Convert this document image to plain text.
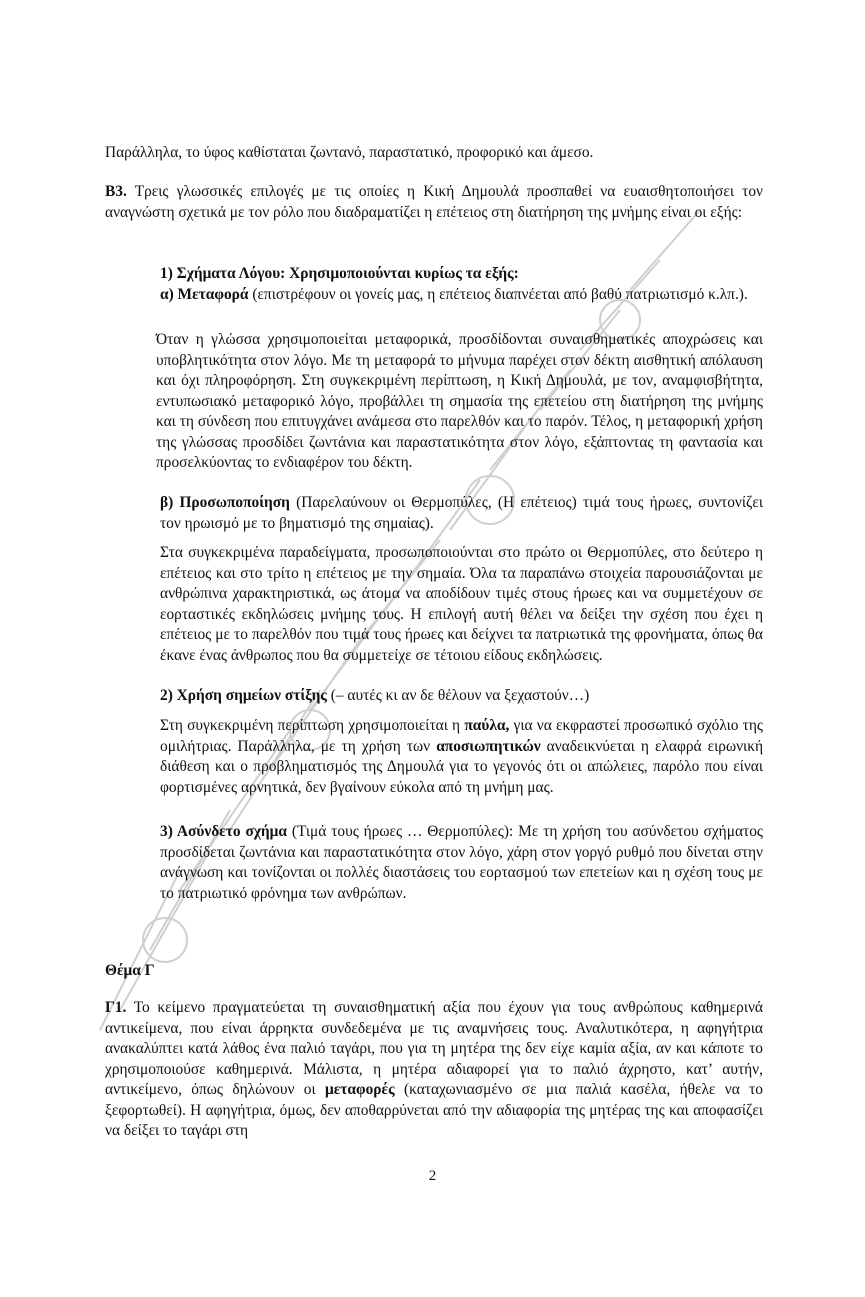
Παράλληλα, το ύφος καθίσταται ζωντανό, παραστατικό, προφορικό και άμεσο.

Β3. Τρεις γλωσσικές επιλογές με τις οποίες η Κική Δημουλά προσπαθεί να ευαισθητοποιήσει τον αναγνώστη σχετικά με τον ρόλο που διαδραματίζει η επέτειος στη διατήρηση της μνήμης είναι οι εξής:

1) Σχήματα Λόγου: Χρησιμοποιούνται κυρίως τα εξής:
α) Μεταφορά (επιστρέφουν οι γονείς μας, η επέτειος διαπνέεται από βαθύ πατριωτισμό κ.λπ.).

Όταν η γλώσσα χρησιμοποιείται μεταφορικά, προσδίδονται συναισθηματικές αποχρώσεις και υποβλητικότητα στον λόγο. Με τη μεταφορά το μήνυμα παρέχει στον δέκτη αισθητική απόλαυση και όχι πληροφόρηση. Στη συγκεκριμένη περίπτωση, η Κική Δημουλά, με τον, αναμφισβήτητα, εντυπωσιακό μεταφορικό λόγο, προβάλλει τη σημασία της επετείου στη διατήρηση της μνήμης και τη σύνδεση που επιτυγχάνει ανάμεσα στο παρελθόν και το παρόν. Τέλος, η μεταφορική χρήση της γλώσσας προσδίδει ζωντάνια και παραστατικότητα στον λόγο, εξάπτοντας τη φαντασία και προσελκύοντας το ενδιαφέρον του δέκτη.

β) Προσωποποίηση (Παρελαύνουν οι Θερμοπύλες, (Η επέτειος) τιμά τους ήρωες, συντονίζει τον ηρωισμό με το βηματισμό της σημαίας).

Στα συγκεκριμένα παραδείγματα, προσωποποιούνται στο πρώτο οι Θερμοπύλες, στο δεύτερο η επέτειος και στο τρίτο η επέτειος με την σημαία. Όλα τα παραπάνω στοιχεία παρουσιάζονται με ανθρώπινα χαρακτηριστικά, ως άτομα να αποδίδουν τιμές στους ήρωες και να συμμετέχουν σε εορταστικές εκδηλώσεις μνήμης τους. Η επιλογή αυτή θέλει να δείξει την σχέση που έχει η επέτειος με το παρελθόν που τιμά τους ήρωες και δείχνει τα πατριωτικά της φρονήματα, όπως θα έκανε ένας άνθρωπος που θα συμμετείχε σε τέτοιου είδους εκδηλώσεις.

2) Χρήση σημείων στίξης (– αυτές κι αν δε θέλουν να ξεχαστούν…)

Στη συγκεκριμένη περίπτωση χρησιμοποιείται η παύλα, για να εκφραστεί προσωπικό σχόλιο της ομιλήτριας. Παράλληλα, με τη χρήση των αποσιωπητικών αναδεικνύεται η ελαφρά ειρωνική διάθεση και ο προβληματισμός της Δημουλά για το γεγονός ότι οι απώλειες, παρόλο που είναι φορτισμένες αρνητικά, δεν βγαίνουν εύκολα από τη μνήμη μας.

3) Ασύνδετο σχήμα (Τιμά τους ήρωες … Θερμοπύλες): Με τη χρήση του ασύνδετου σχήματος προσδίδεται ζωντάνια και παραστατικότητα στον λόγο, χάρη στον γοργό ρυθμό που δίνεται στην ανάγνωση και τονίζονται οι πολλές διαστάσεις του εορτασμού των επετείων και η σχέση τους με το πατριωτικό φρόνημα των ανθρώπων.

Θέμα Γ

Γ1. Το κείμενο πραγματεύεται τη συναισθηματική αξία που έχουν για τους ανθρώπους καθημερινά αντικείμενα, που είναι άρρηκτα συνδεδεμένα με τις αναμνήσεις τους. Αναλυτικότερα, η αφηγήτρια ανακαλύπτει κατά λάθος ένα παλιό ταγάρι, που για τη μητέρα της δεν είχε καμία αξία, αν και κάποτε το χρησιμοποιούσε καθημερινά. Μάλιστα, η μητέρα αδιαφορεί για το παλιό άχρηστο, κατ’ αυτήν, αντικείμενο, όπως δηλώνουν οι μεταφορές (καταχωνιασμένο σε μια παλιά κασέλα, ήθελε να το ξεφορτωθεί). Η αφηγήτρια, όμως, δεν αποθαρρύνεται από την αδιαφορία της μητέρας της και αποφασίζει να δείξει το ταγάρι στη

2
